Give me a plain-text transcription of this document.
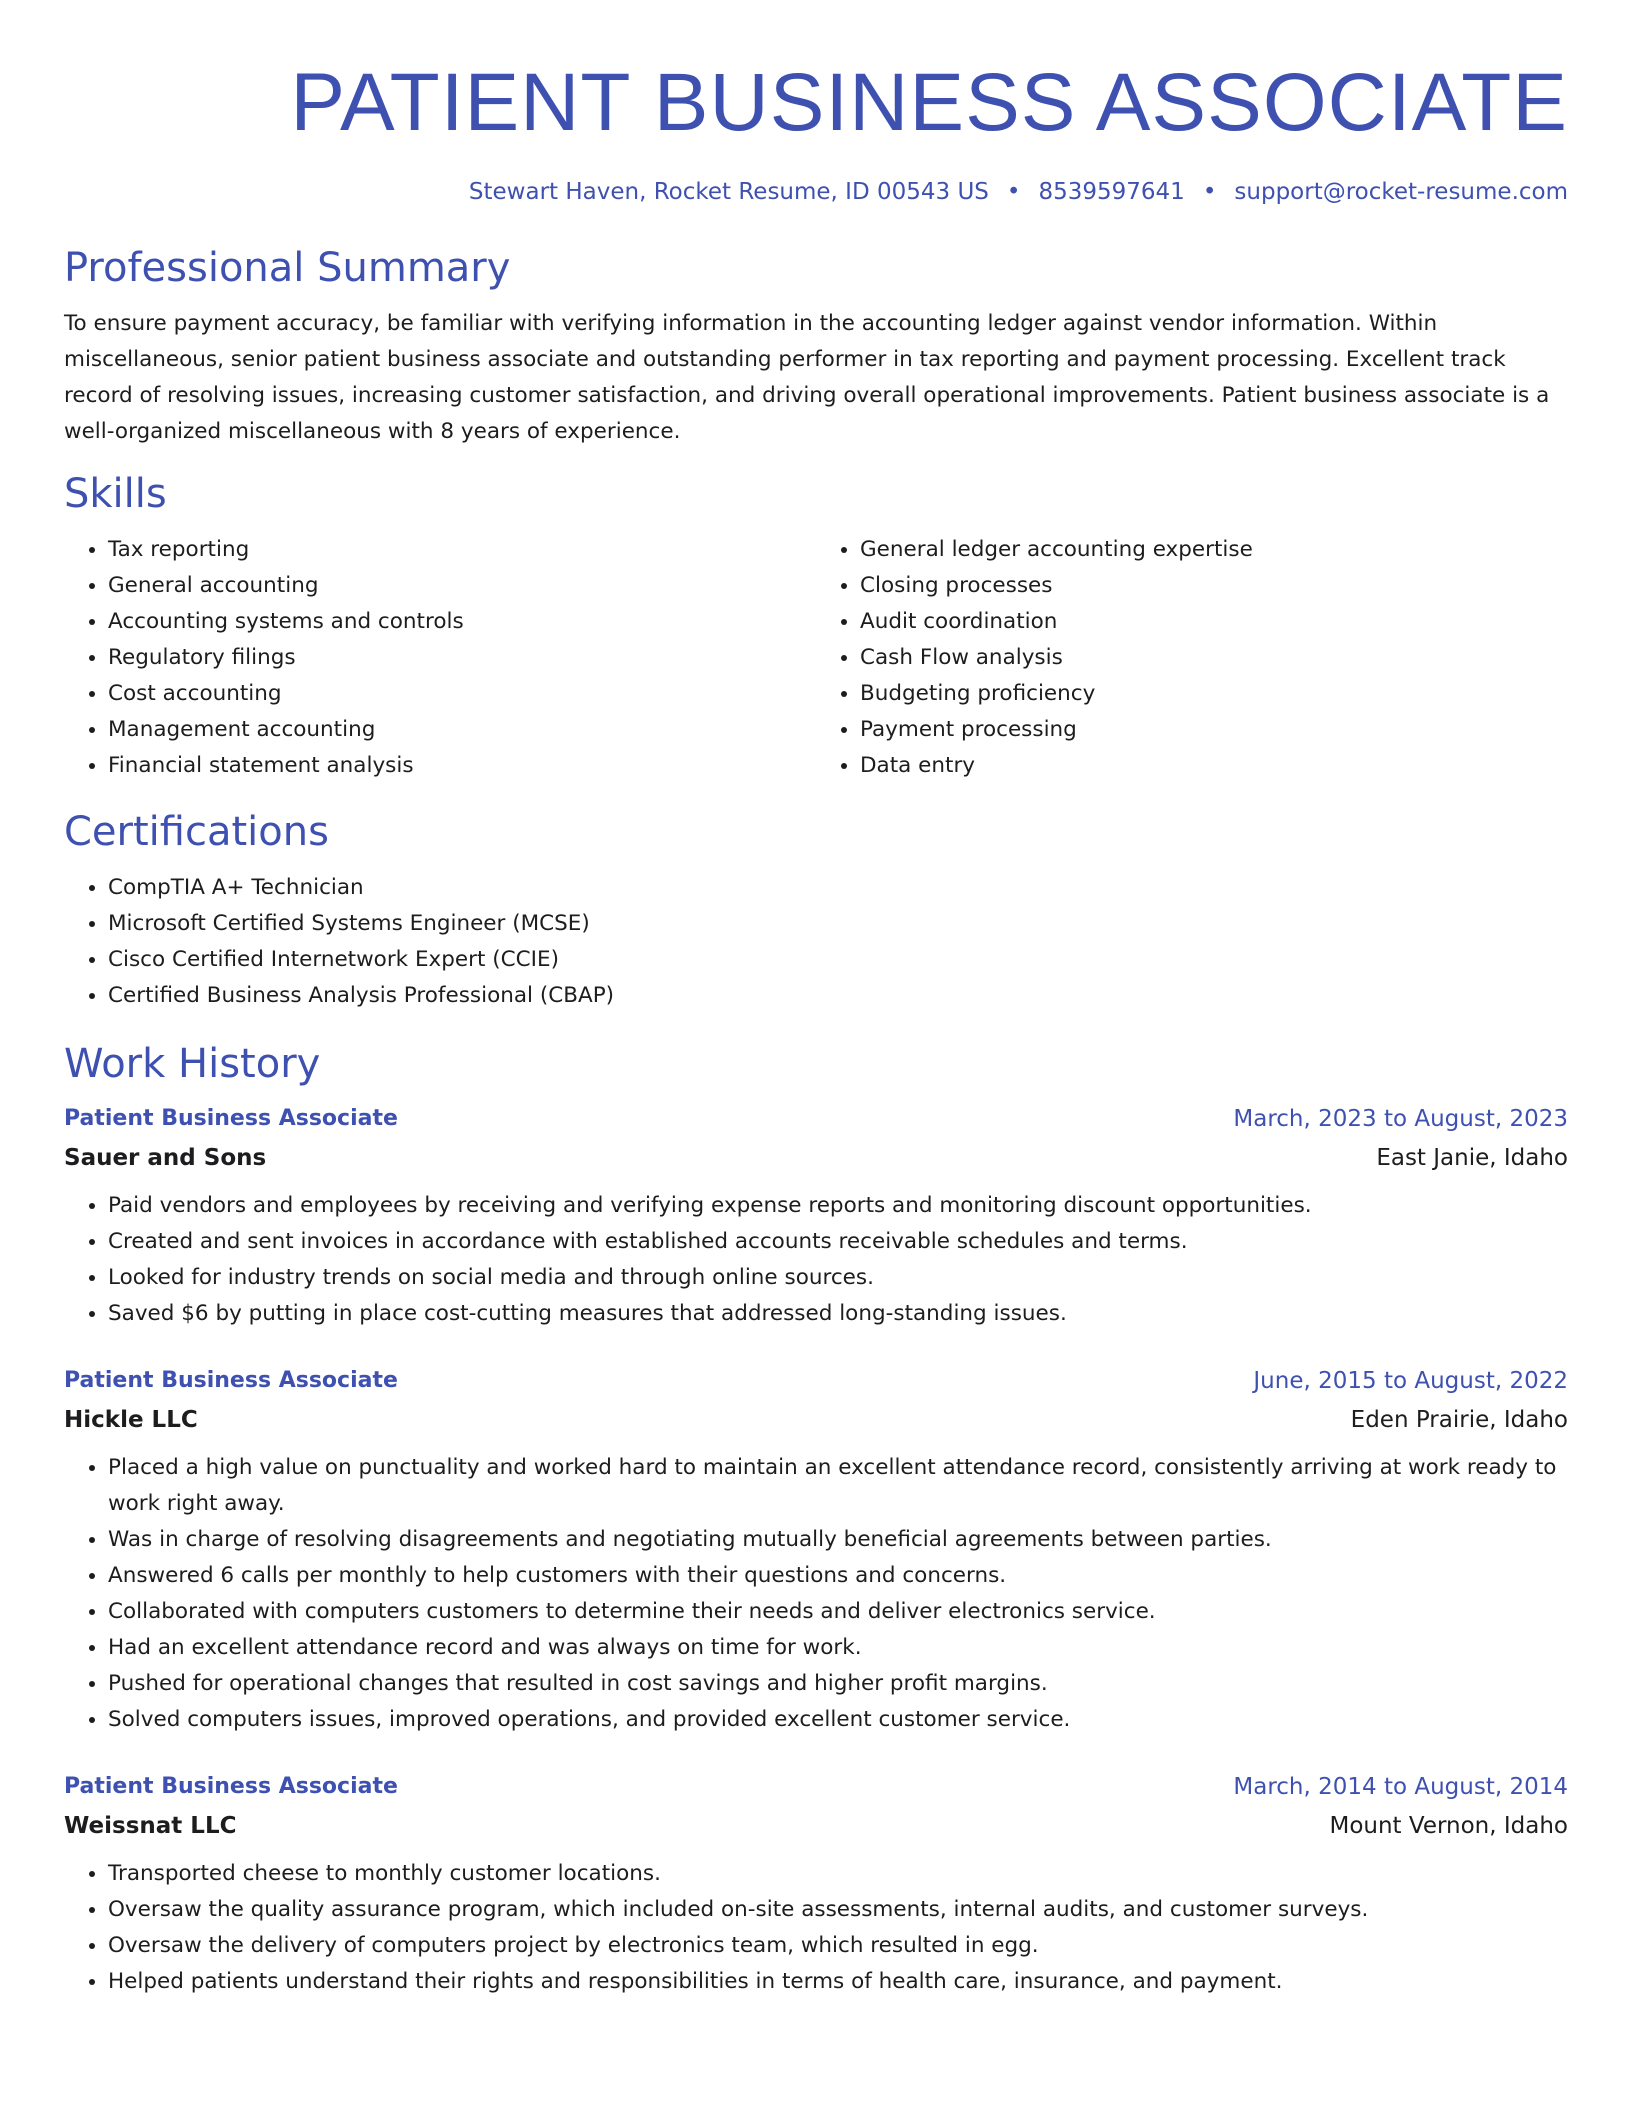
PATIENT BUSINESS ASSOCIATE
Stewart Haven, Rocket Resume, ID 00543 US • 8539597641 • support@rocket-resume.com
Professional Summary

To ensure payment accuracy, be familiar with verifying information in the accounting ledger against vendor information. Within miscellaneous, senior patient business associate and outstanding performer in tax reporting and payment processing. Excellent track record of resolving issues, increasing customer satisfaction, and driving overall operational improvements. Patient business associate is a well-organized miscellaneous with 8 years of experience.

Skills
• Tax reporting
• General accounting
• Accounting systems and controls
• Regulatory filings
• Cost accounting
• Management accounting
• Financial statement analysis
• General ledger accounting expertise
• Closing processes
• Audit coordination
• Cash Flow analysis
• Budgeting proficiency
• Payment processing
• Data entry
Certifications
• CompTIA A+ Technician
• Microsoft Certified Systems Engineer (MCSE)
• Cisco Certified Internetwork Expert (CCIE)
• Certified Business Analysis Professional (CBAP)
Work History
Patient Business Associate	March, 2023 to August, 2023
Sauer and Sons	East Janie, Idaho
• Paid vendors and employees by receiving and verifying expense reports and monitoring discount opportunities.
• Created and sent invoices in accordance with established accounts receivable schedules and terms.
• Looked for industry trends on social media and through online sources.
• Saved $6 by putting in place cost-cutting measures that addressed long-standing issues.
Patient Business Associate	June, 2015 to August, 2022
Hickle LLC	Eden Prairie, Idaho
• Placed a high value on punctuality and worked hard to maintain an excellent attendance record, consistently arriving at work ready to work right away.
• Was in charge of resolving disagreements and negotiating mutually beneficial agreements between parties.
• Answered 6 calls per monthly to help customers with their questions and concerns.
• Collaborated with computers customers to determine their needs and deliver electronics service.
• Had an excellent attendance record and was always on time for work.
• Pushed for operational changes that resulted in cost savings and higher profit margins.
• Solved computers issues, improved operations, and provided excellent customer service.
Patient Business Associate	March, 2014 to August, 2014
Weissnat LLC	Mount Vernon, Idaho
• Transported cheese to monthly customer locations.
• Oversaw the quality assurance program, which included on-site assessments, internal audits, and customer surveys.
• Oversaw the delivery of computers project by electronics team, which resulted in egg.
• Helped patients understand their rights and responsibilities in terms of health care, insurance, and payment.
